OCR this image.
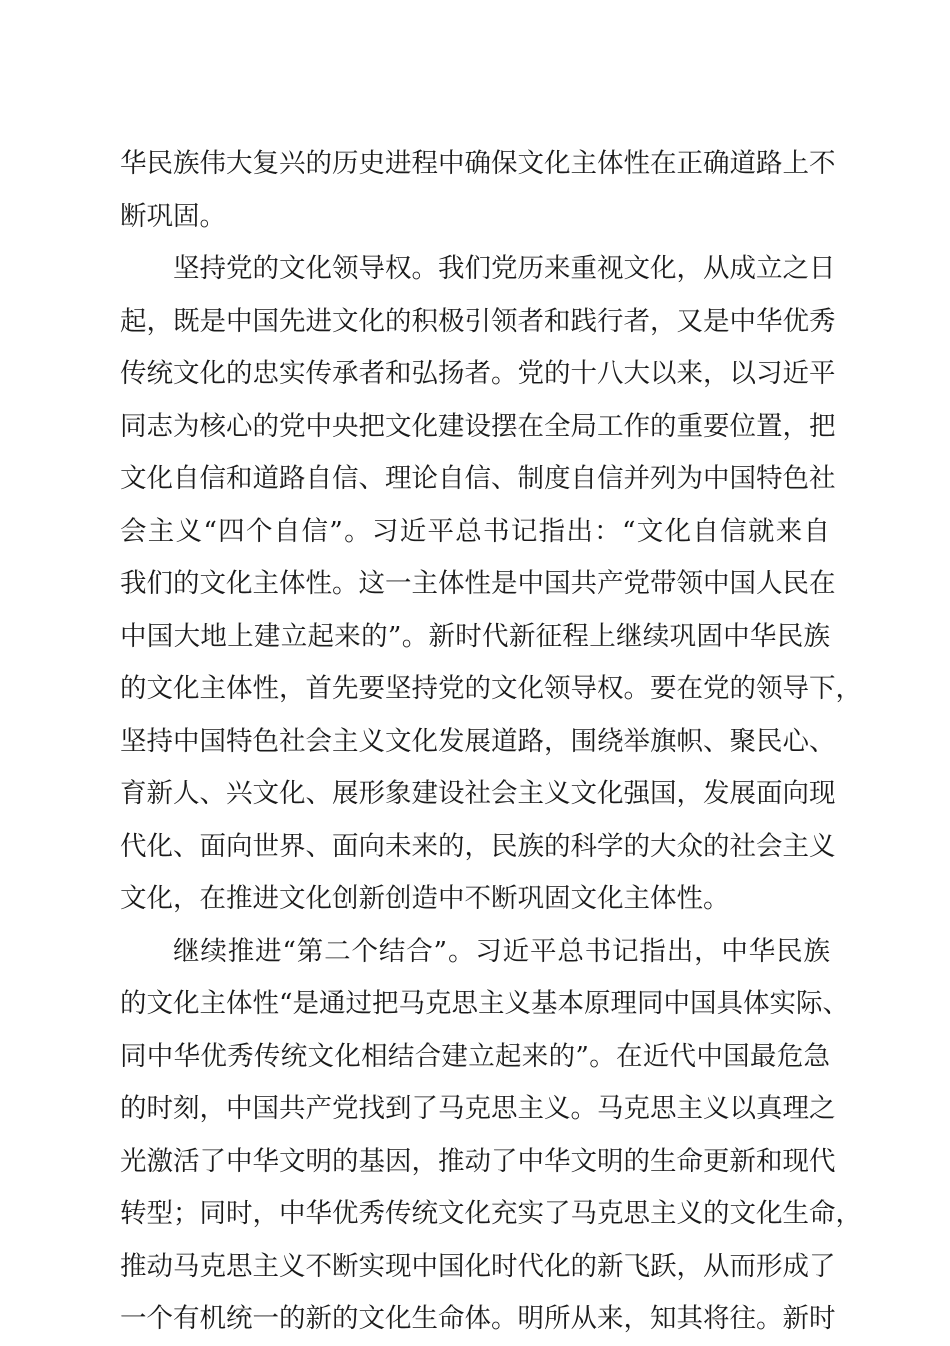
华民族伟大复兴的历史进程中确保文化主体性在正确道路上不
断巩固。
坚持党的文化领导权。我们党历来重视文化，从成立之日
起，既是中国先进文化的积极引领者和践行者，又是中华优秀
传统文化的忠实传承者和弘扬者。党的十八大以来，以习近平
同志为核心的党中央把文化建设摆在全局工作的重要位置，把
文化自信和道路自信、理论自信、制度自信并列为中国特色社
会主义“四个自信”。习近平总书记指出：“文化自信就来自
我们的文化主体性。这一主体性是中国共产党带领中国人民在
中国大地上建立起来的”。新时代新征程上继续巩固中华民族
的文化主体性，首先要坚持党的文化领导权。要在党的领导下，
坚持中国特色社会主义文化发展道路，围绕举旗帜、聚民心、
育新人、兴文化、展形象建设社会主义文化强国，发展面向现
代化、面向世界、面向未来的，民族的科学的大众的社会主义
文化，在推进文化创新创造中不断巩固文化主体性。
继续推进“第二个结合”。习近平总书记指出，中华民族
的文化主体性“是通过把马克思主义基本原理同中国具体实际、
同中华优秀传统文化相结合建立起来的”。在近代中国最危急
的时刻，中国共产党找到了马克思主义。马克思主义以真理之
光激活了中华文明的基因，推动了中华文明的生命更新和现代
转型；同时，中华优秀传统文化充实了马克思主义的文化生命，
推动马克思主义不断实现中国化时代化的新飞跃，从而形成了
一个有机统一的新的文化生命体。明所从来，知其将往。新时
